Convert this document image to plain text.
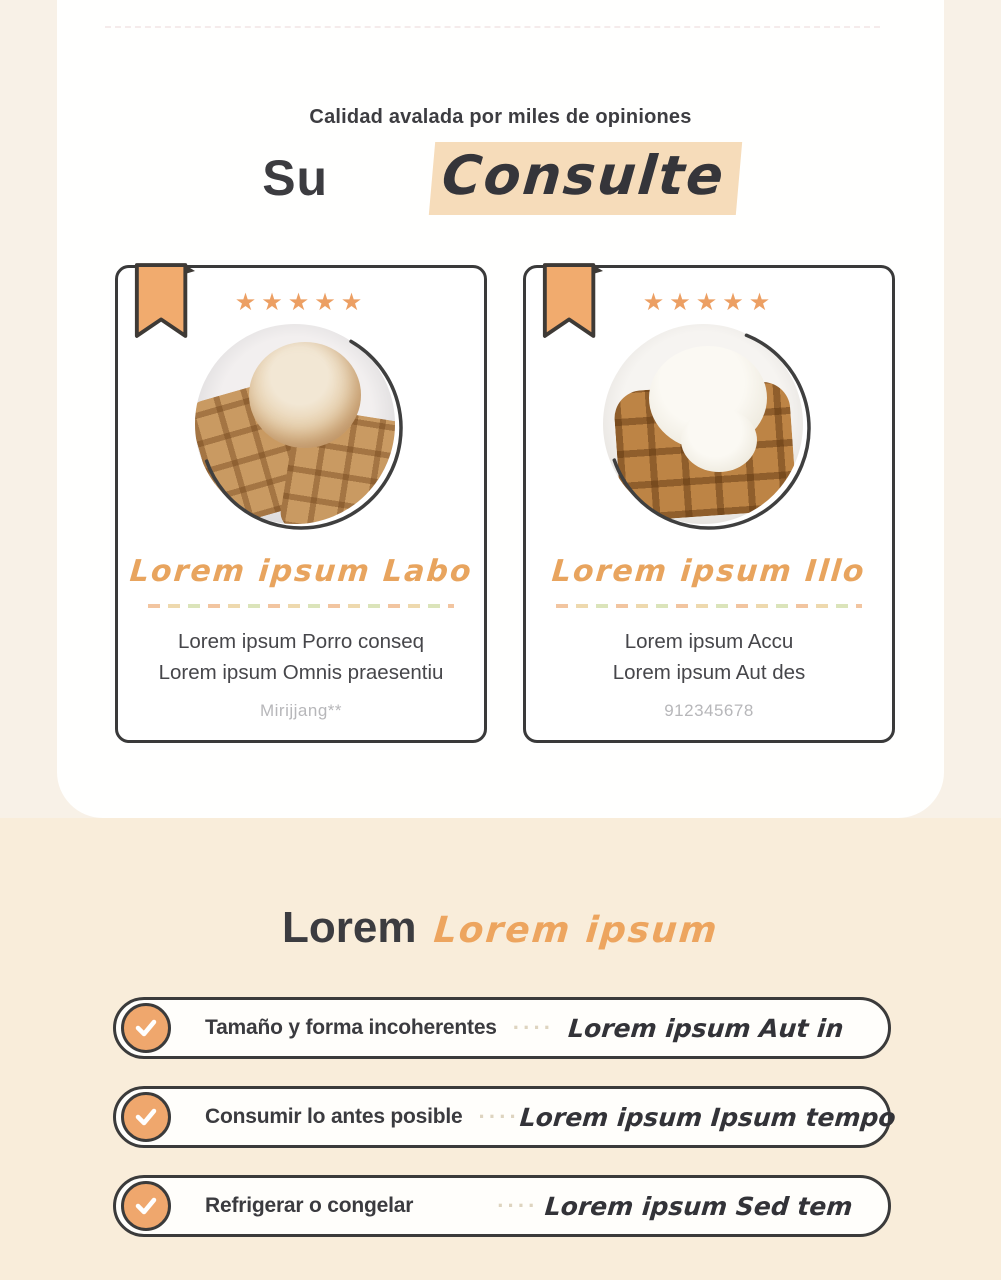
Calidad avalada por miles de opiniones
Su Consulte
★★★★★
Lorem ipsum Labo
Lorem ipsum Porro conseq
Lorem ipsum Omnis praesentiu
Mirijjang**
★★★★★
Lorem ipsum Illo
Lorem ipsum Accu
Lorem ipsum Aut des
912345678
Lorem Lorem ipsum
Tamaño y forma incoherentes ···· Lorem ipsum Aut in
Consumir lo antes posible ····
Lorem ipsum Ipsum tempo
Refrigerar o congelar	···· Lorem ipsum Sed tem
